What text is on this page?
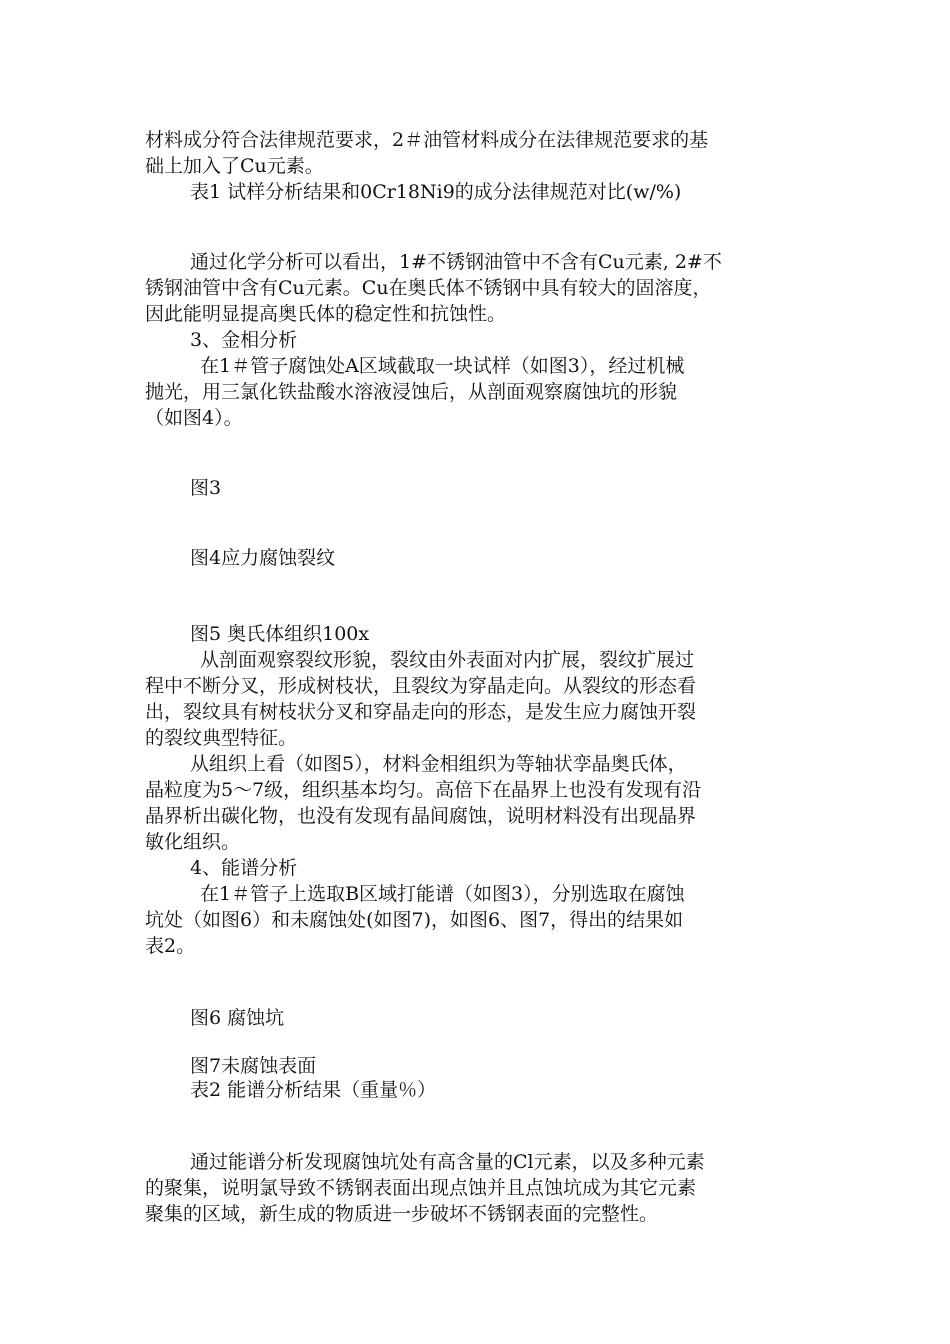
材料成分符合法律规范要求，2＃油管材料成分在法律规范要求的基
础上加入了Cu元素。
表1 试样分析结果和0Cr18Ni9的成分法律规范对比(w/%)
通过化学分析可以看出，1#不锈钢油管中不含有Cu元素, 2#不
锈钢油管中含有Cu元素。Cu在奥氏体不锈钢中具有较大的固溶度，
因此能明显提高奥氏体的稳定性和抗蚀性。
3、金相分析
在1＃管子腐蚀处A区域截取一块试样（如图3），经过机械
抛光，用三氯化铁盐酸水溶液浸蚀后，从剖面观察腐蚀坑的形貌
（如图4）。
图3
图4应力腐蚀裂纹
图5 奥氏体组织100x
从剖面观察裂纹形貌，裂纹由外表面对内扩展，裂纹扩展过
程中不断分叉，形成树枝状，且裂纹为穿晶走向。从裂纹的形态看
出，裂纹具有树枝状分叉和穿晶走向的形态，是发生应力腐蚀开裂
的裂纹典型特征。
从组织上看（如图5），材料金相组织为等轴状孪晶奥氏体，
晶粒度为5～7级，组织基本均匀。高倍下在晶界上也没有发现有沿
晶界析出碳化物，也没有发现有晶间腐蚀，说明材料没有出现晶界
敏化组织。
4、能谱分析
在1＃管子上选取B区域打能谱（如图3），分别选取在腐蚀
坑处（如图6）和未腐蚀处(如图7)，如图6、图7，得出的结果如
表2。
图6 腐蚀坑
图7未腐蚀表面
表2 能谱分析结果（重量％）
通过能谱分析发现腐蚀坑处有高含量的Cl元素，以及多种元素
的聚集，说明氯导致不锈钢表面出现点蚀并且点蚀坑成为其它元素
聚集的区域，新生成的物质进一步破坏不锈钢表面的完整性。
